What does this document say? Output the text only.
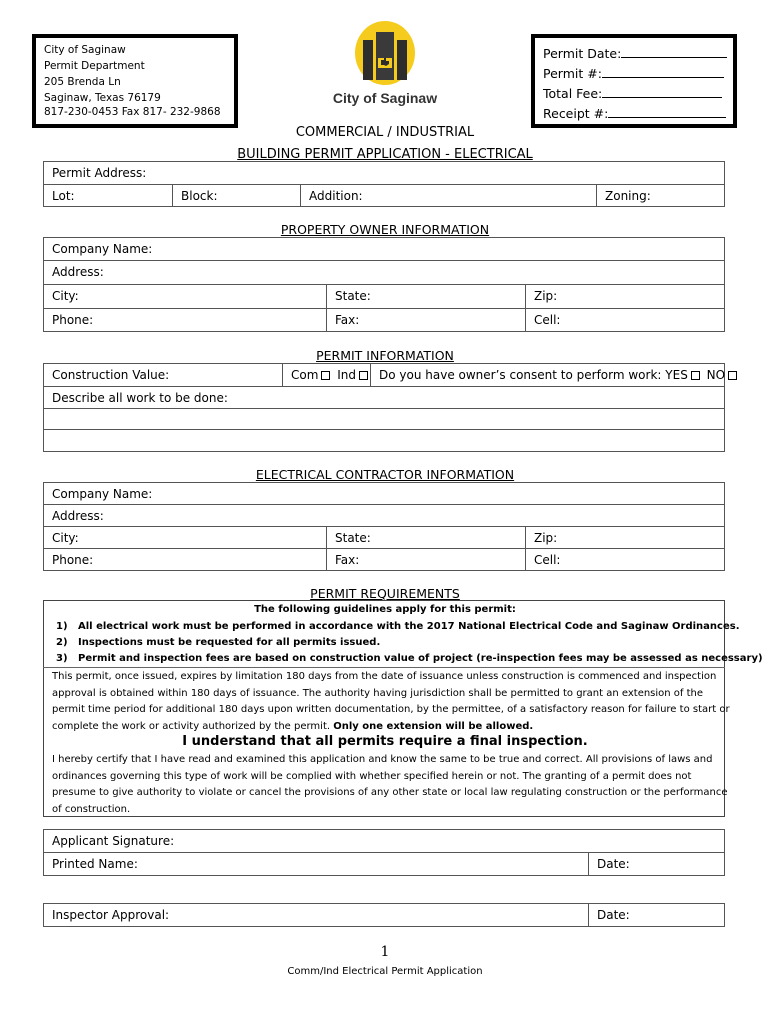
City of Saginaw
Permit Department
205 Brenda Ln
Saginaw, Texas 76179
817-230-0453 Fax 817- 232-9868
City of Saginaw
Permit Date:
Permit #:
Total Fee:
Receipt #:
COMMERCIAL / INDUSTRIAL
BUILDING PERMIT APPLICATION - ELECTRICAL
Permit Address:
Lot:	Block:	Addition:	Zoning:
PROPERTY OWNER INFORMATION
Company Name:
Address:
City:	State:	Zip:
Phone:	Fax:	Cell:
PERMIT INFORMATION
Construction Value:	Com Ind	Do you have owner’s consent to perform work: YES NO
Describe all work to be done:
ELECTRICAL CONTRACTOR INFORMATION
Company Name:
Address:
City:	State:	Zip:
Phone:	Fax:	Cell:
PERMIT REQUIREMENTS
The following guidelines apply for this permit:
1) All electrical work must be performed in accordance with the 2017 National Electrical Code and Saginaw Ordinances.
2) Inspections must be requested for all permits issued.
3) Permit and inspection fees are based on construction value of project (re-inspection fees may be assessed as necessary)
This permit, once issued, expires by limitation 180 days from the date of issuance unless construction is commenced and inspection
approval is obtained within 180 days of issuance. The authority having jurisdiction shall be permitted to grant an extension of the
permit time period for additional 180 days upon written documentation, by the permittee, of a satisfactory reason for failure to start or
complete the work or activity authorized by the permit. Only one extension will be allowed.
I understand that all permits require a final inspection.
I hereby certify that I have read and examined this application and know the same to be true and correct. All provisions of laws and
ordinances governing this type of work will be complied with whether specified herein or not. The granting of a permit does not
presume to give authority to violate or cancel the provisions of any other state or local law regulating construction or the performance
of construction.
Applicant Signature:
Printed Name:	Date:
Inspector Approval:	Date:
1
Comm/Ind Electrical Permit Application
